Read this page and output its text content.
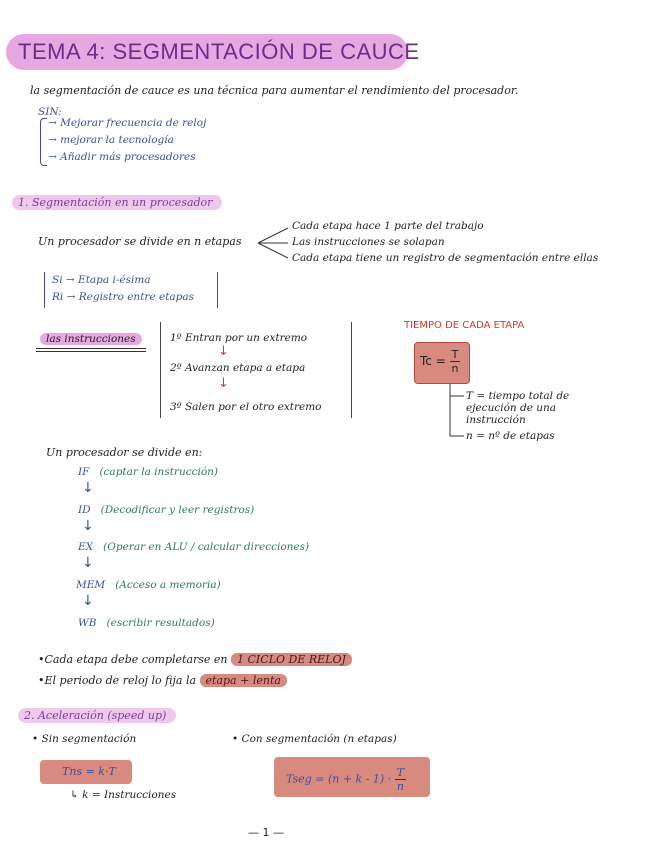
TEMA 4: SEGMENTACIÓN DE CAUCE
la segmentación de cauce es una técnica para aumentar el rendimiento del procesador.
SIN:
→ Mejorar frecuencia de reloj
→ mejorar la tecnología
→ Añadir más procesadores
1. Segmentación en un procesador
Un procesador se divide en n etapas
Cada etapa hace 1 parte del trabajo
Las instrucciones se solapan
Cada etapa tiene un registro de segmentación entre ellas
Si → Etapa i-ésima
Ri → Registro entre etapas
las instrucciones	1º Entran por un extremo
↓
2º Avanzan etapa a etapa
↓
3º Salen por el otro extremo
TIEMPO DE CADA ETAPA
$Tc = \frac{T}{n}$
T = tiempo total de ejecución de una instrucción
n = nº de etapas
Un procesador se divide en:
IF (captar la instrucción)
↓
ID (Decodificar y leer registros)
↓
EX (Operar en ALU / calcular direcciones)
↓
MEM (Acceso a memoria)
↓
WB (escribir resultados)
•Cada etapa debe completarse en 1 CICLO DE RELOJ
•El periodo de reloj lo fija la etapa + lenta
2. Aceleración (speed up)
• Sin segmentación	• Con segmentación (n etapas)
Tns = k·T
↳ k = Instrucciones
Tseg = $(n + k - 1) \cdot \frac{T}{n}$
— 1 —
